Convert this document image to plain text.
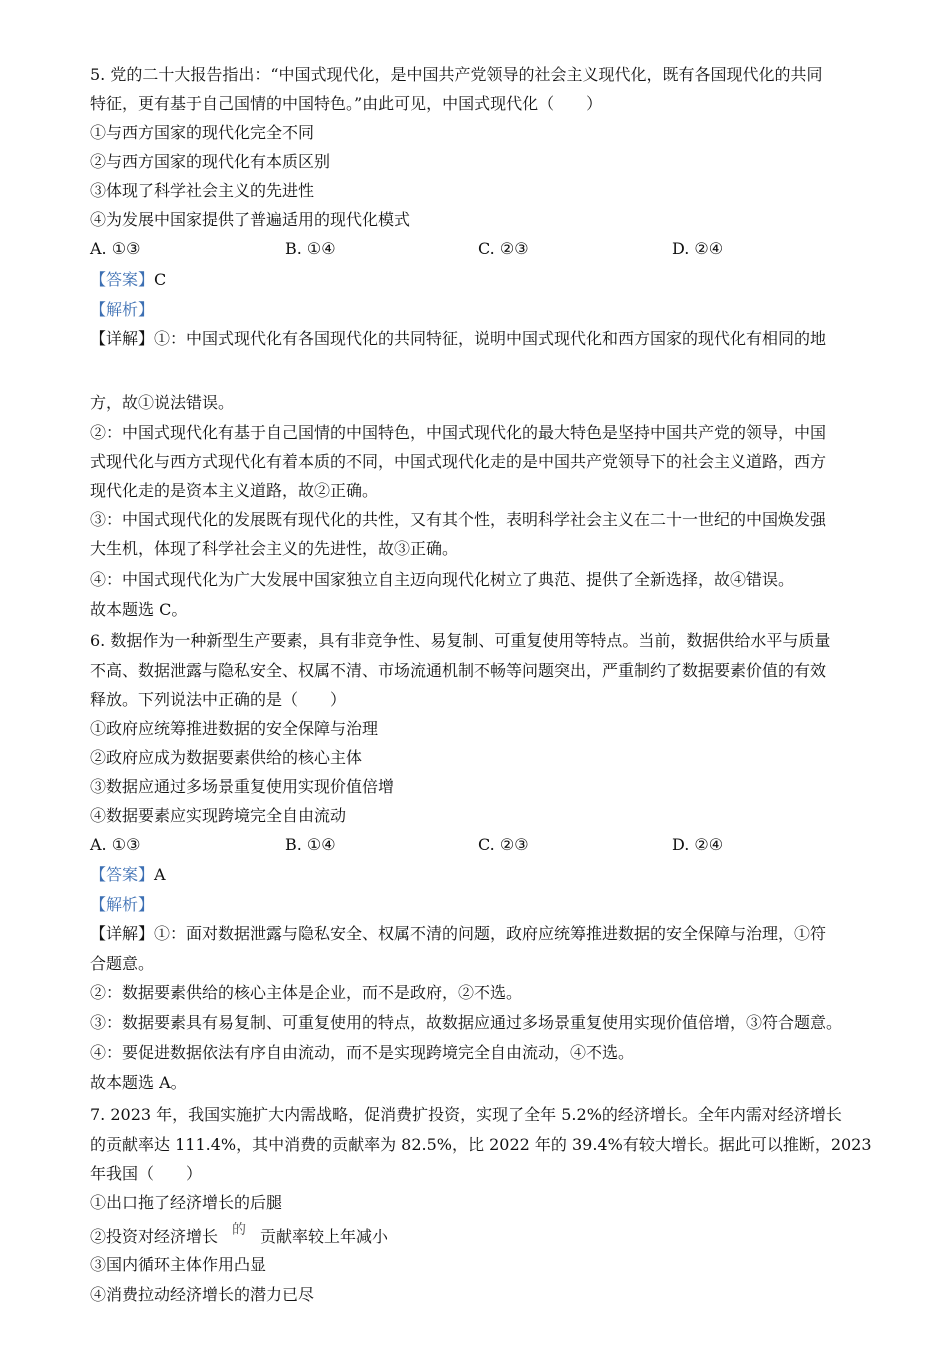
5. 党的二十大报告指出：“中国式现代化，是中国共产党领导的社会主义现代化，既有各国现代化的共同
特征，更有基于自己国情的中国特色。”由此可见，中国式现代化（　　）
①与西方国家的现代化完全不同
②与西方国家的现代化有本质区别
③体现了科学社会主义的先进性
④为发展中国家提供了普遍适用的现代化模式
A. ①③	B. ①④	C. ②③	D. ②④
【答案】C
【解析】
【详解】①：中国式现代化有各国现代化的共同特征，说明中国式现代化和西方国家的现代化有相同的地
方，故①说法错误。
②：中国式现代化有基于自己国情的中国特色，中国式现代化的最大特色是坚持中国共产党的领导，中国
式现代化与西方式现代化有着本质的不同，中国式现代化走的是中国共产党领导下的社会主义道路，西方
现代化走的是资本主义道路，故②正确。
③：中国式现代化的发展既有现代化的共性，又有其个性，表明科学社会主义在二十一世纪的中国焕发强
大生机，体现了科学社会主义的先进性，故③正确。
④：中国式现代化为广大发展中国家独立自主迈向现代化树立了典范、提供了全新选择，故④错误。
故本题选 C。
6. 数据作为一种新型生产要素，具有非竞争性、易复制、可重复使用等特点。当前，数据供给水平与质量
不高、数据泄露与隐私安全、权属不清、市场流通机制不畅等问题突出，严重制约了数据要素价值的有效
释放。下列说法中正确的是（　　）
①政府应统筹推进数据的安全保障与治理
②政府应成为数据要素供给的核心主体
③数据应通过多场景重复使用实现价值倍增
④数据要素应实现跨境完全自由流动
A. ①③	B. ①④	C. ②③	D. ②④
【答案】A
【解析】
【详解】①：面对数据泄露与隐私安全、权属不清的问题，政府应统筹推进数据的安全保障与治理，①符
合题意。
②：数据要素供给的核心主体是企业，而不是政府，②不选。
③：数据要素具有易复制、可重复使用的特点，故数据应通过多场景重复使用实现价值倍增，③符合题意。
④：要促进数据依法有序自由流动，而不是实现跨境完全自由流动，④不选。
故本题选 A。
7. 2023 年，我国实施扩大内需战略，促消费扩投资，实现了全年 5.2%的经济增长。全年内需对经济增长
的贡献率达 111.4%，其中消费的贡献率为 82.5%，比 2022 年的 39.4%有较大增长。据此可以推断，2023
年我国（　　）
①出口拖了经济增长的后腿
②投资对经济增长 的 贡献率较上年减小
③国内循环主体作用凸显
④消费拉动经济增长的潜力已尽
